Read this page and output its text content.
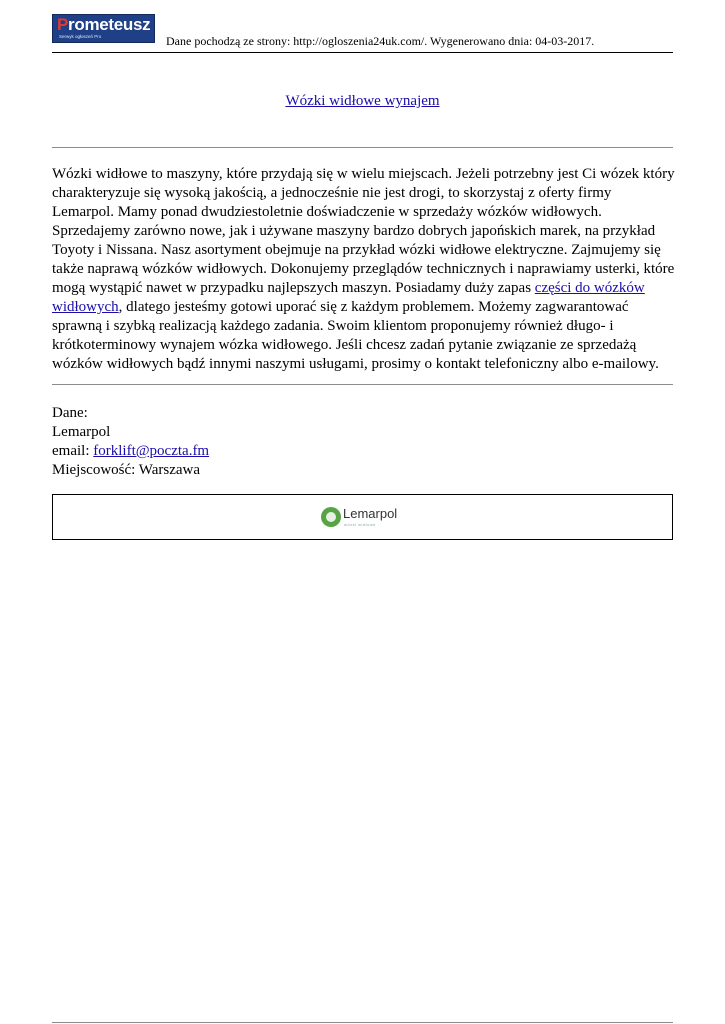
Prometeusz
Serwyk ogłoszeń Pro	Dane pochodzą ze strony: http://ogloszenia24uk.com/. Wygenerowano dnia: 04-03-2017.
Wózki widłowe wynajem
Wózki widłowe to maszyny, które przydają się w wielu miejscach. Jeżeli potrzebny jest Ci wózek który charakteryzuje się wysoką jakością, a jednocześnie nie jest drogi, to skorzystaj z oferty firmy Lemarpol. Mamy ponad dwudziestoletnie doświadczenie w sprzedaży wózków widłowych. Sprzedajemy zarówno nowe, jak i używane maszyny bardzo dobrych japońskich marek, na przykład Toyoty i Nissana. Nasz asortyment obejmuje na przykład wózki widłowe elektryczne. Zajmujemy się także naprawą wózków widłowych. Dokonujemy przeglądów technicznych i naprawiamy usterki, które mogą wystąpić nawet w przypadku najlepszych maszyn. Posiadamy duży zapas części do wózków widłowych, dlatego jesteśmy gotowi uporać się z każdym problemem. Możemy zagwarantować sprawną i szybką realizacją każdego zadania. Swoim klientom proponujemy również długo- i krótkoterminowy wynajem wózka widłowego. Jeśli chcesz zadań pytanie związanie ze sprzedażą wózków widłowych bądź innymi naszymi usługami, prosimy o kontakt telefoniczny albo e-mailowy.
Dane:
Lemarpol
email: forklift@poczta.fm
Miejscowość: Warszawa
Lemarpol
wózki widłowe
